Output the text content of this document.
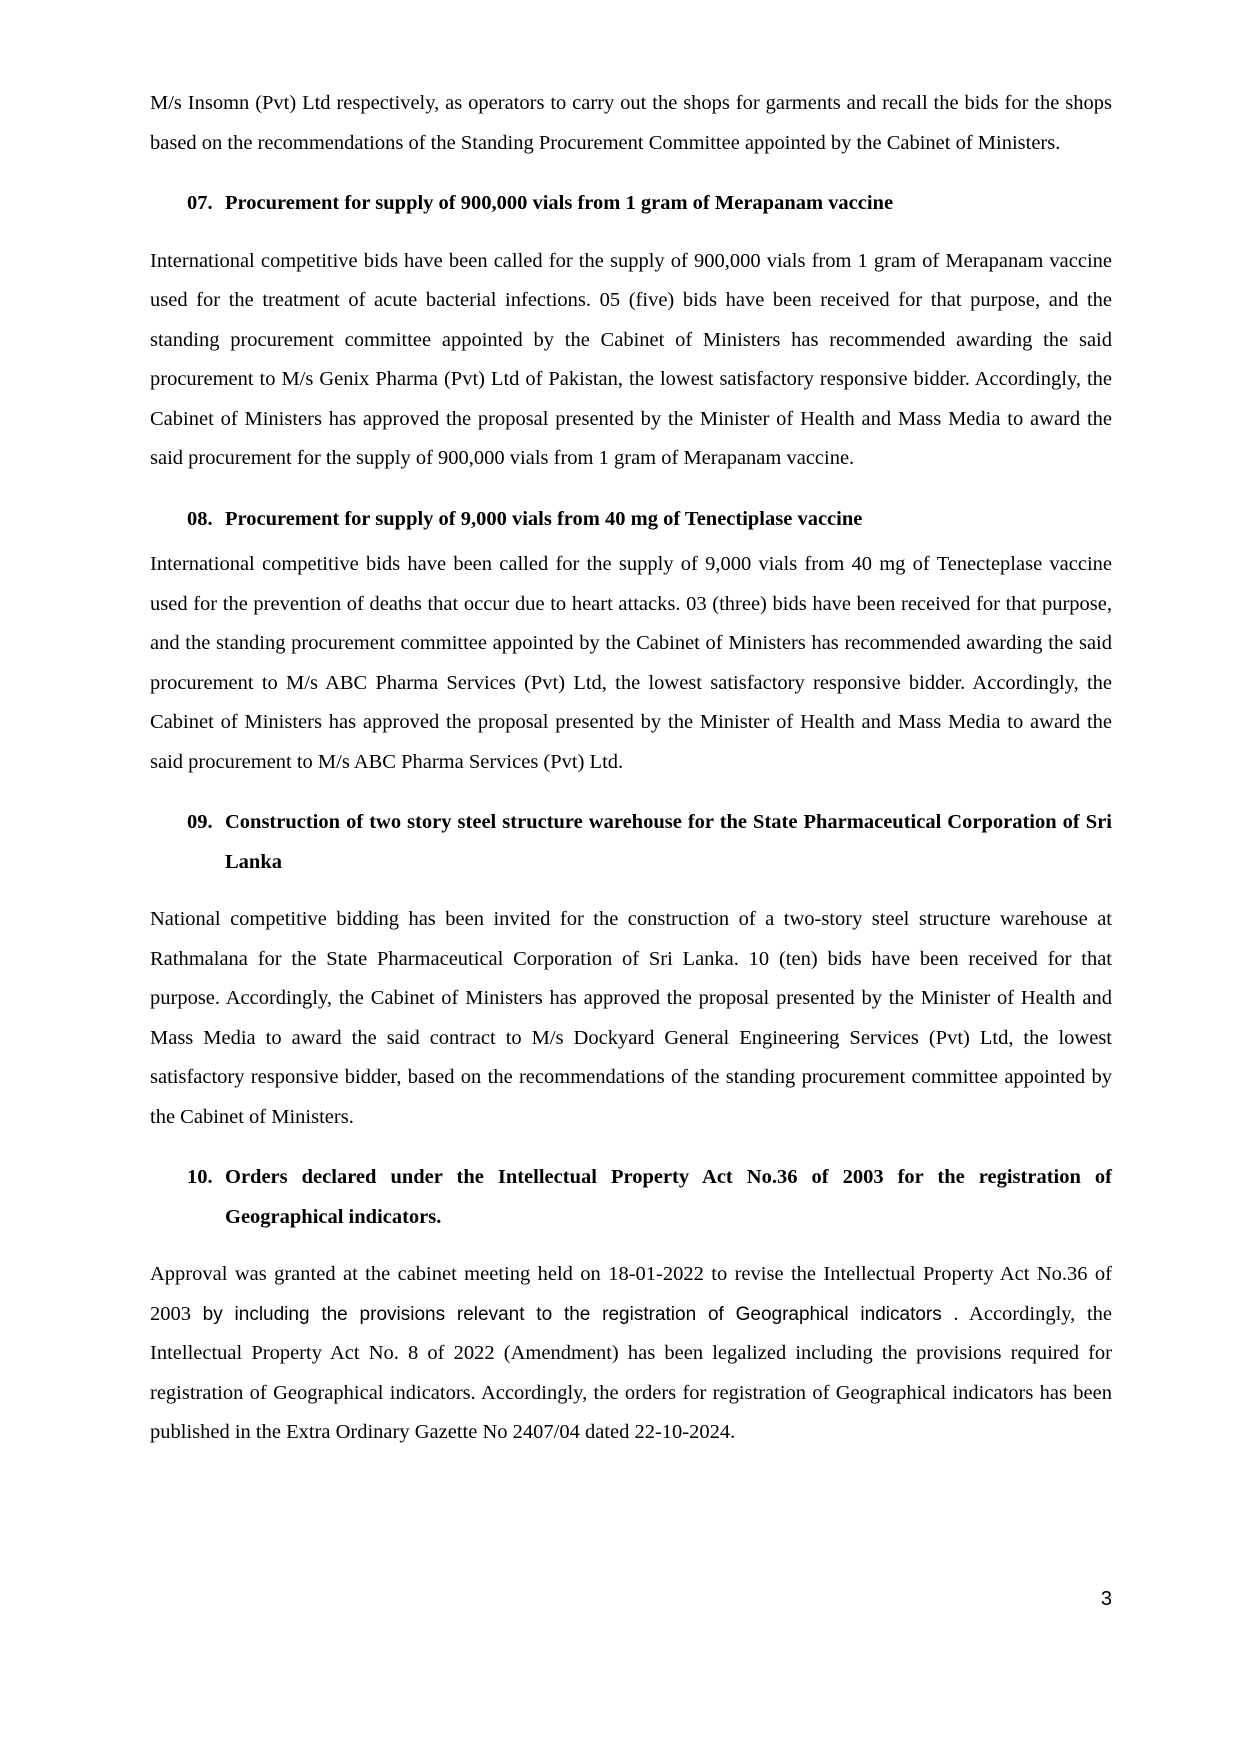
M/s Insomn (Pvt) Ltd respectively, as operators to carry out the shops for garments and recall the bids for the shops based on the recommendations of the Standing Procurement Committee appointed by the Cabinet of Ministers.

07. Procurement for supply of 900,000 vials from 1 gram of Merapanam vaccine

International competitive bids have been called for the supply of 900,000 vials from 1 gram of Merapanam vaccine used for the treatment of acute bacterial infections. 05 (five) bids have been received for that purpose, and the standing procurement committee appointed by the Cabinet of Ministers has recommended awarding the said procurement to M/s Genix Pharma (Pvt) Ltd of Pakistan, the lowest satisfactory responsive bidder. Accordingly, the Cabinet of Ministers has approved the proposal presented by the Minister of Health and Mass Media to award the said procurement for the supply of 900,000 vials from 1 gram of Merapanam vaccine.

08. Procurement for supply of 9,000 vials from 40 mg of Tenectiplase vaccine

International competitive bids have been called for the supply of 9,000 vials from 40 mg of Tenecteplase vaccine used for the prevention of deaths that occur due to heart attacks. 03 (three) bids have been received for that purpose, and the standing procurement committee appointed by the Cabinet of Ministers has recommended awarding the said procurement to M/s ABC Pharma Services (Pvt) Ltd, the lowest satisfactory responsive bidder. Accordingly, the Cabinet of Ministers has approved the proposal presented by the Minister of Health and Mass Media to award the said procurement to M/s ABC Pharma Services (Pvt) Ltd.

09. Construction of two story steel structure warehouse for the State Pharmaceutical Corporation of Sri Lanka

National competitive bidding has been invited for the construction of a two-story steel structure warehouse at Rathmalana for the State Pharmaceutical Corporation of Sri Lanka. 10 (ten) bids have been received for that purpose. Accordingly, the Cabinet of Ministers has approved the proposal presented by the Minister of Health and Mass Media to award the said contract to M/s Dockyard General Engineering Services (Pvt) Ltd, the lowest satisfactory responsive bidder, based on the recommendations of the standing procurement committee appointed by the Cabinet of Ministers.

10. Orders declared under the Intellectual Property Act No.36 of 2003 for the registration of Geographical indicators.

Approval was granted at the cabinet meeting held on 18-01-2022 to revise the Intellectual Property Act No.36 of 2003 by including the provisions relevant to the registration of Geographical indicators . Accordingly, the Intellectual Property Act No. 8 of 2022 (Amendment) has been legalized including the provisions required for registration of Geographical indicators. Accordingly, the orders for registration of Geographical indicators has been published in the Extra Ordinary Gazette No 2407/04 dated 22-10-2024.

3
